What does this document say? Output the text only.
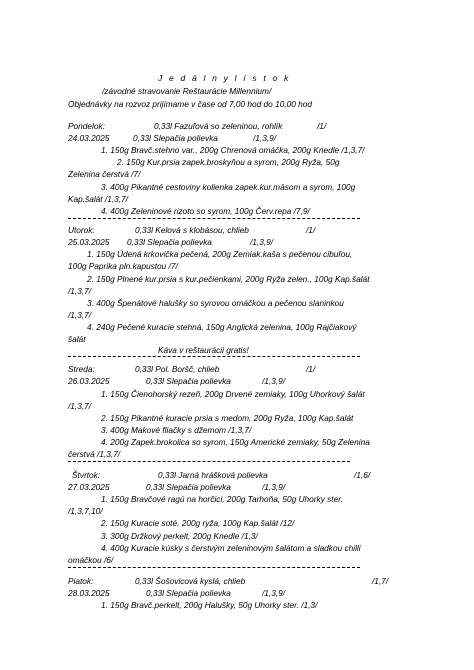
J e d á l n y l í s t o k
/závodné stravovanie Reštaurácie Millennium/
Objednávky na rozvoz prijímame v čase od 7,00 hod do 10,00 hod
Pondelok:	0,33l Fazuľová so zeleninou, rohlík	/1/
24.03.2025	0,33l Slepačia polievka	/1,3,9/
1. 150g Bravč.stehno var., 200g Chrenová omáčka, 200g Knedle /1,3,7/
2. 150g Kur.prsia zapek.broskyňou a syrom, 200g Ryža, 50g
Zelenina čerstvá /7/
3. 400g Pikantné cestoviny kolienka zapek.kur.mäsom a syrom, 100g
Kap.šalát /1,3,7/
4. 400g Zeleninové rizoto so syrom, 100g Červ.repa /7,9/
Utorok:	0,33l Kelová s klobásou, chlieb	/1/
25.03.2025 0,33l Slepačia polievka	/1,3,9/
1. 150g Údená krkovička pečená, 200g Zemiak.kaša s pečenou cibuľou,
100g Paprika pln.kapustou /7/
2. 150g Plnené kur.prsia s kur.pečienkami, 200g Ryža zelen., 100g Kap.šalát
/1,3,7/
3. 400g Špenátové halušky so syrovou omáčkou a pečenou slaninkou
/1,3,7/
4. 240g Pečené kuracie stehná, 150g Anglická zelenina, 100g Rajčiakový
šalát
Káva v reštaurácii gratis!
Streda:	0,33l Pol. Boršč, chlieb	/1/
26.03.2025	0,33l Slepačia polievka	/1,3,9/
1. 150g Čienohorský rezeň, 200g Drvené zemiaky, 100g Uhorkový šalát
/1,3,7/
2. 150g Pikantné kuracie prsia s medom, 200g Ryža, 100g Kap.šalát
3. 400g Makové fliačky s džemom /1,3,7/
4. 200g Zapek.brokolica so syrom, 150g Americké zemiaky, 50g Zelenina
čerstvá /1,3,7/
Štvrtok:	0,33l Jarná hrášková polievka	/1,6/
27.03.2025	0,33l Slepačia polievka	/1,3,9/
1. 150g Bravčové ragú na horčici, 200g Tarhoňa, 50g Uhorky ster.
/1,3,7,10/
2. 150g Kuracie soté, 200g ryža, 100g Kap.šalát /12/
3. 300g Držkový perkelt, 200g Knedle /1,3/
4. 400g Kuracie kúsky s čerstvým zeleninovým šalátom a sladkou chilli
omáčkou /6/
Piatok:	0,33l Šošovicová kyslá, chlieb	/1,7/
28.03.2025	0,33l Slepačia polievka	/1,3,9/
1. 150g Bravč.perkelt, 200g Halušky, 50g Uhorky ster. /1,3/
